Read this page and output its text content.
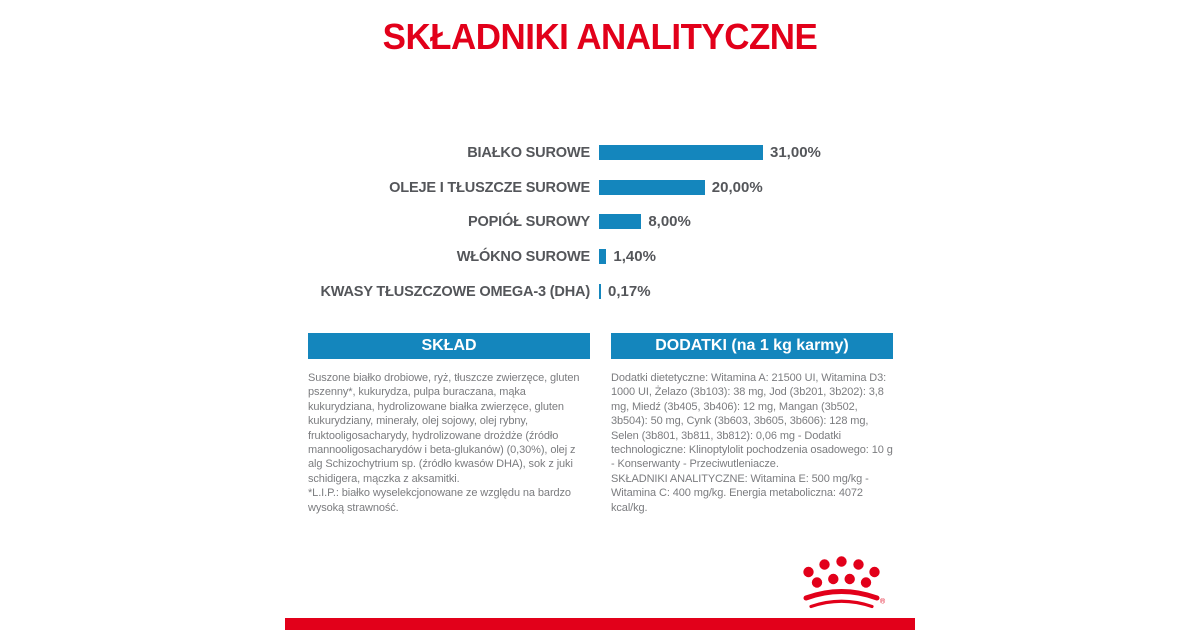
SKŁADNIKI ANALITYCZNE
BIAŁKO SUROWE	31,00%
OLEJE I TŁUSZCZE SUROWE	20,00%
POPIÓŁ SUROWY	8,00%
WŁÓKNO SUROWE 1,40%
KWASY TŁUSZCZOWE OMEGA-3 (DHA) 0,17%
SKŁAD	DODATKI (na 1 kg karmy)

Suszone białko drobiowe, ryż, tłuszcze zwierzęce, gluten pszenny*, kukurydza, pulpa buraczana, mąka kukurydziana, hydrolizowane białka zwierzęce, gluten kukurydziany, minerały, olej sojowy, olej rybny, fruktooligosacharydy, hydrolizowane drożdże (źródło mannooligosacharydów i beta-glukanów) (0,30%), olej z alg Schizochytrium sp. (źródło kwasów DHA), sok z juki schidigera, mączka z aksamitki.

*L.I.P.: białko wyselekcjonowane ze względu na bardzo wysoką strawność.

Dodatki dietetyczne: Witamina A: 21500 UI, Witamina D3: 1000 UI, Żelazo (3b103): 38 mg, Jod (3b201, 3b202): 3,8 mg, Miedź (3b405, 3b406): 12 mg, Mangan (3b502, 3b504): 50 mg, Cynk (3b603, 3b605, 3b606): 128 mg, Selen (3b801, 3b811, 3b812): 0,06 mg - Dodatki technologiczne: Klinoptylolit pochodzenia osadowego: 10 g - Konserwanty - Przeciwutleniacze.

SKŁADNIKI ANALITYCZNE: Witamina E: 500 mg/kg - Witamina C: 400 mg/kg. Energia metaboliczna: 4072 kcal/kg.

®
